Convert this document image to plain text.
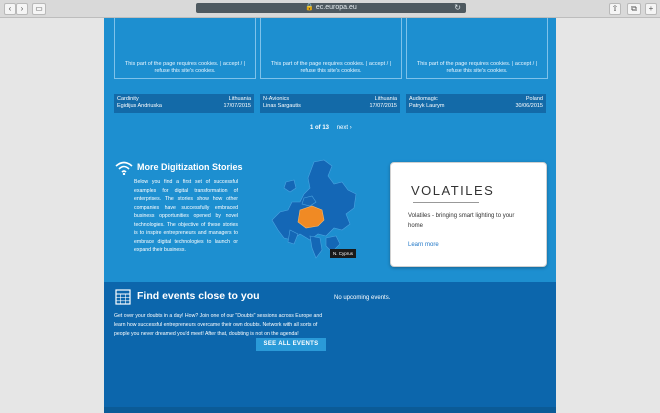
‹	›	▭	🔒 ec.europa.eu	↻	⇧	⧉	+
This part of the page requires cookies. | accept / | refuse this site's cookies.
This part of the page requires cookies. | accept / | refuse this site's cookies.
This part of the page requires cookies. | accept / | refuse this site's cookies.
Cardinity	Lithuania
Egidijus Andriuska	17/07/2015
N-Avionics	Lithuania
Linas Sargautis	17/07/2015
Audiomagic	Poland
Patryk Laurym	30/06/2015
1 of 13 next ›
More Digitization Stories
Below you find a first set of successful examples for digital transformation of enterprises. The stories show how other companies have successfully embraced business opportunities opened by novel technologies. The objective of these stories is to inspire entrepreneurs and managers to embrace digital technologies to launch or expand their business.
N. Cyprus
VOLATILES
Volatiles - bringing smart lighting to your home
Learn more
Find events close to you
Get over your doubts in a day! How? Join one of our "Doubts" sessions across Europe and learn how successful entrepreneurs overcame their own doubts. Network with all sorts of people you never dreamed you'd meet! After that, doubting is not on the agenda!
SEE ALL EVENTS
No upcoming events.
